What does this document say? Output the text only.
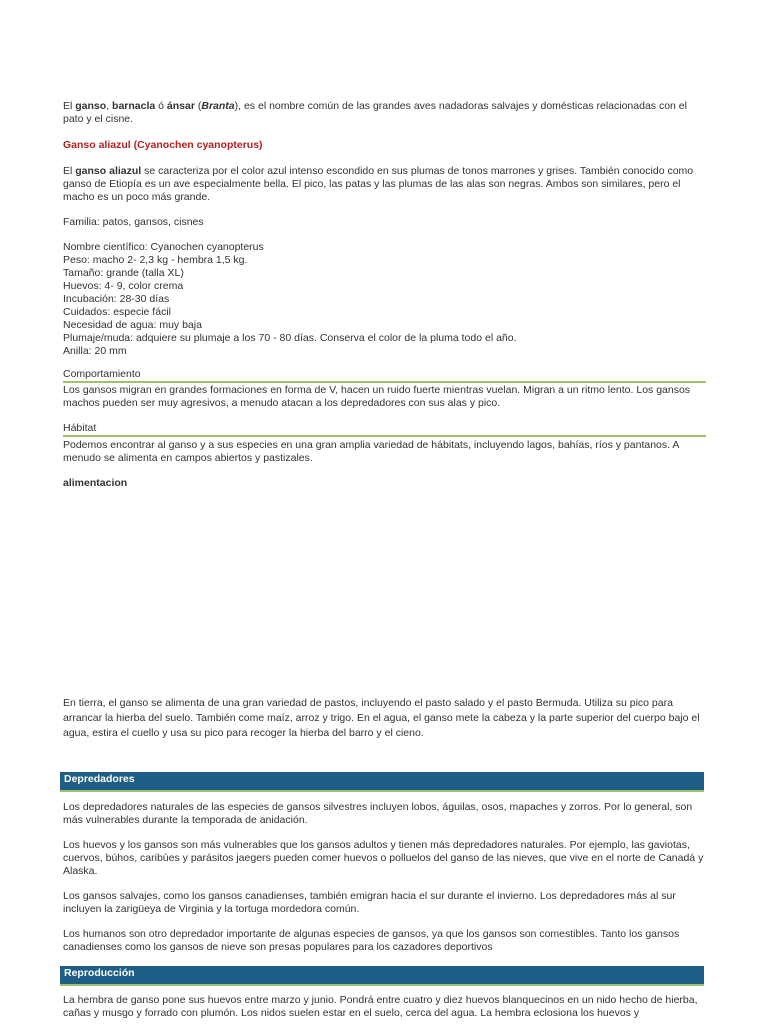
El ganso, barnacla ó ánsar (Branta), es el nombre común de las grandes aves nadadoras salvajes y domésticas relacionadas con el pato y el cisne.

Ganso aliazul (Cyanochen cyanopterus)

El ganso aliazul se caracteriza por el color azul intenso escondido en sus plumas de tonos marrones y grises. También conocido como ganso de Etiopía es un ave especialmente bella. El pico, las patas y las plumas de las alas son negras. Ambos son similares, pero el macho es un poco más grande.

Familia: patos, gansos, cisnes

Nombre científico: Cyanochen cyanopterus
Peso: macho 2- 2,3 kg - hembra 1,5 kg.
Tamaño: grande (talla XL)
Huevos: 4- 9, color crema
Incubación: 28-30 días
Cuidados: especie fácil
Necesidad de agua: muy baja
Plumaje/muda: adquiere su plumaje a los 70 - 80 días. Conserva el color de la pluma todo el año.
Anilla: 20 mm

Comportamiento

Los gansos migran en grandes formaciones en forma de V, hacen un ruido fuerte mientras vuelan. Migran a un ritmo lento. Los gansos machos pueden ser muy agresivos, a menudo atacan a los depredadores con sus alas y pico.

Hábitat

Podemos encontrar al ganso y a sus especies en una gran amplia variedad de hábitats, incluyendo lagos, bahías, ríos y pantanos. A menudo se alimenta en campos abiertos y pastizales.

alimentacion

En tierra, el ganso se alimenta de una gran variedad de pastos, incluyendo el pasto salado y el pasto Bermuda. Utiliza su pico para arrancar la hierba del suelo. También come maíz, arroz y trigo. En el agua, el ganso mete la cabeza y la parte superior del cuerpo bajo el agua, estira el cuello y usa su pico para recoger la hierba del barro y el cieno.

Depredadores

Los depredadores naturales de las especies de gansos silvestres incluyen lobos, águilas, osos, mapaches y zorros. Por lo general, son más vulnerables durante la temporada de anidación.

Los huevos y los gansos son más vulnerables que los gansos adultos y tienen más depredadores naturales. Por ejemplo, las gaviotas, cuervos, búhos, caribúes y parásitos jaegers pueden comer huevos o polluelos del ganso de las nieves, que vive en el norte de Canadá y Alaska.

Los gansos salvajes, como los gansos canadienses, también emigran hacia el sur durante el invierno. Los depredadores más al sur incluyen la zarigüeya de Virginia y la tortuga mordedora común.

Los humanos son otro depredador importante de algunas especies de gansos, ya que los gansos son comestibles. Tanto los gansos canadienses como los gansos de nieve son presas populares para los cazadores deportivos

Reproducción

La hembra de ganso pone sus huevos entre marzo y junio. Pondrá entre cuatro y diez huevos blanquecinos en un nido hecho de hierba, cañas y musgo y forrado con plumón. Los nidos suelen estar en el suelo, cerca del agua. La hembra eclosiona los huevos y
